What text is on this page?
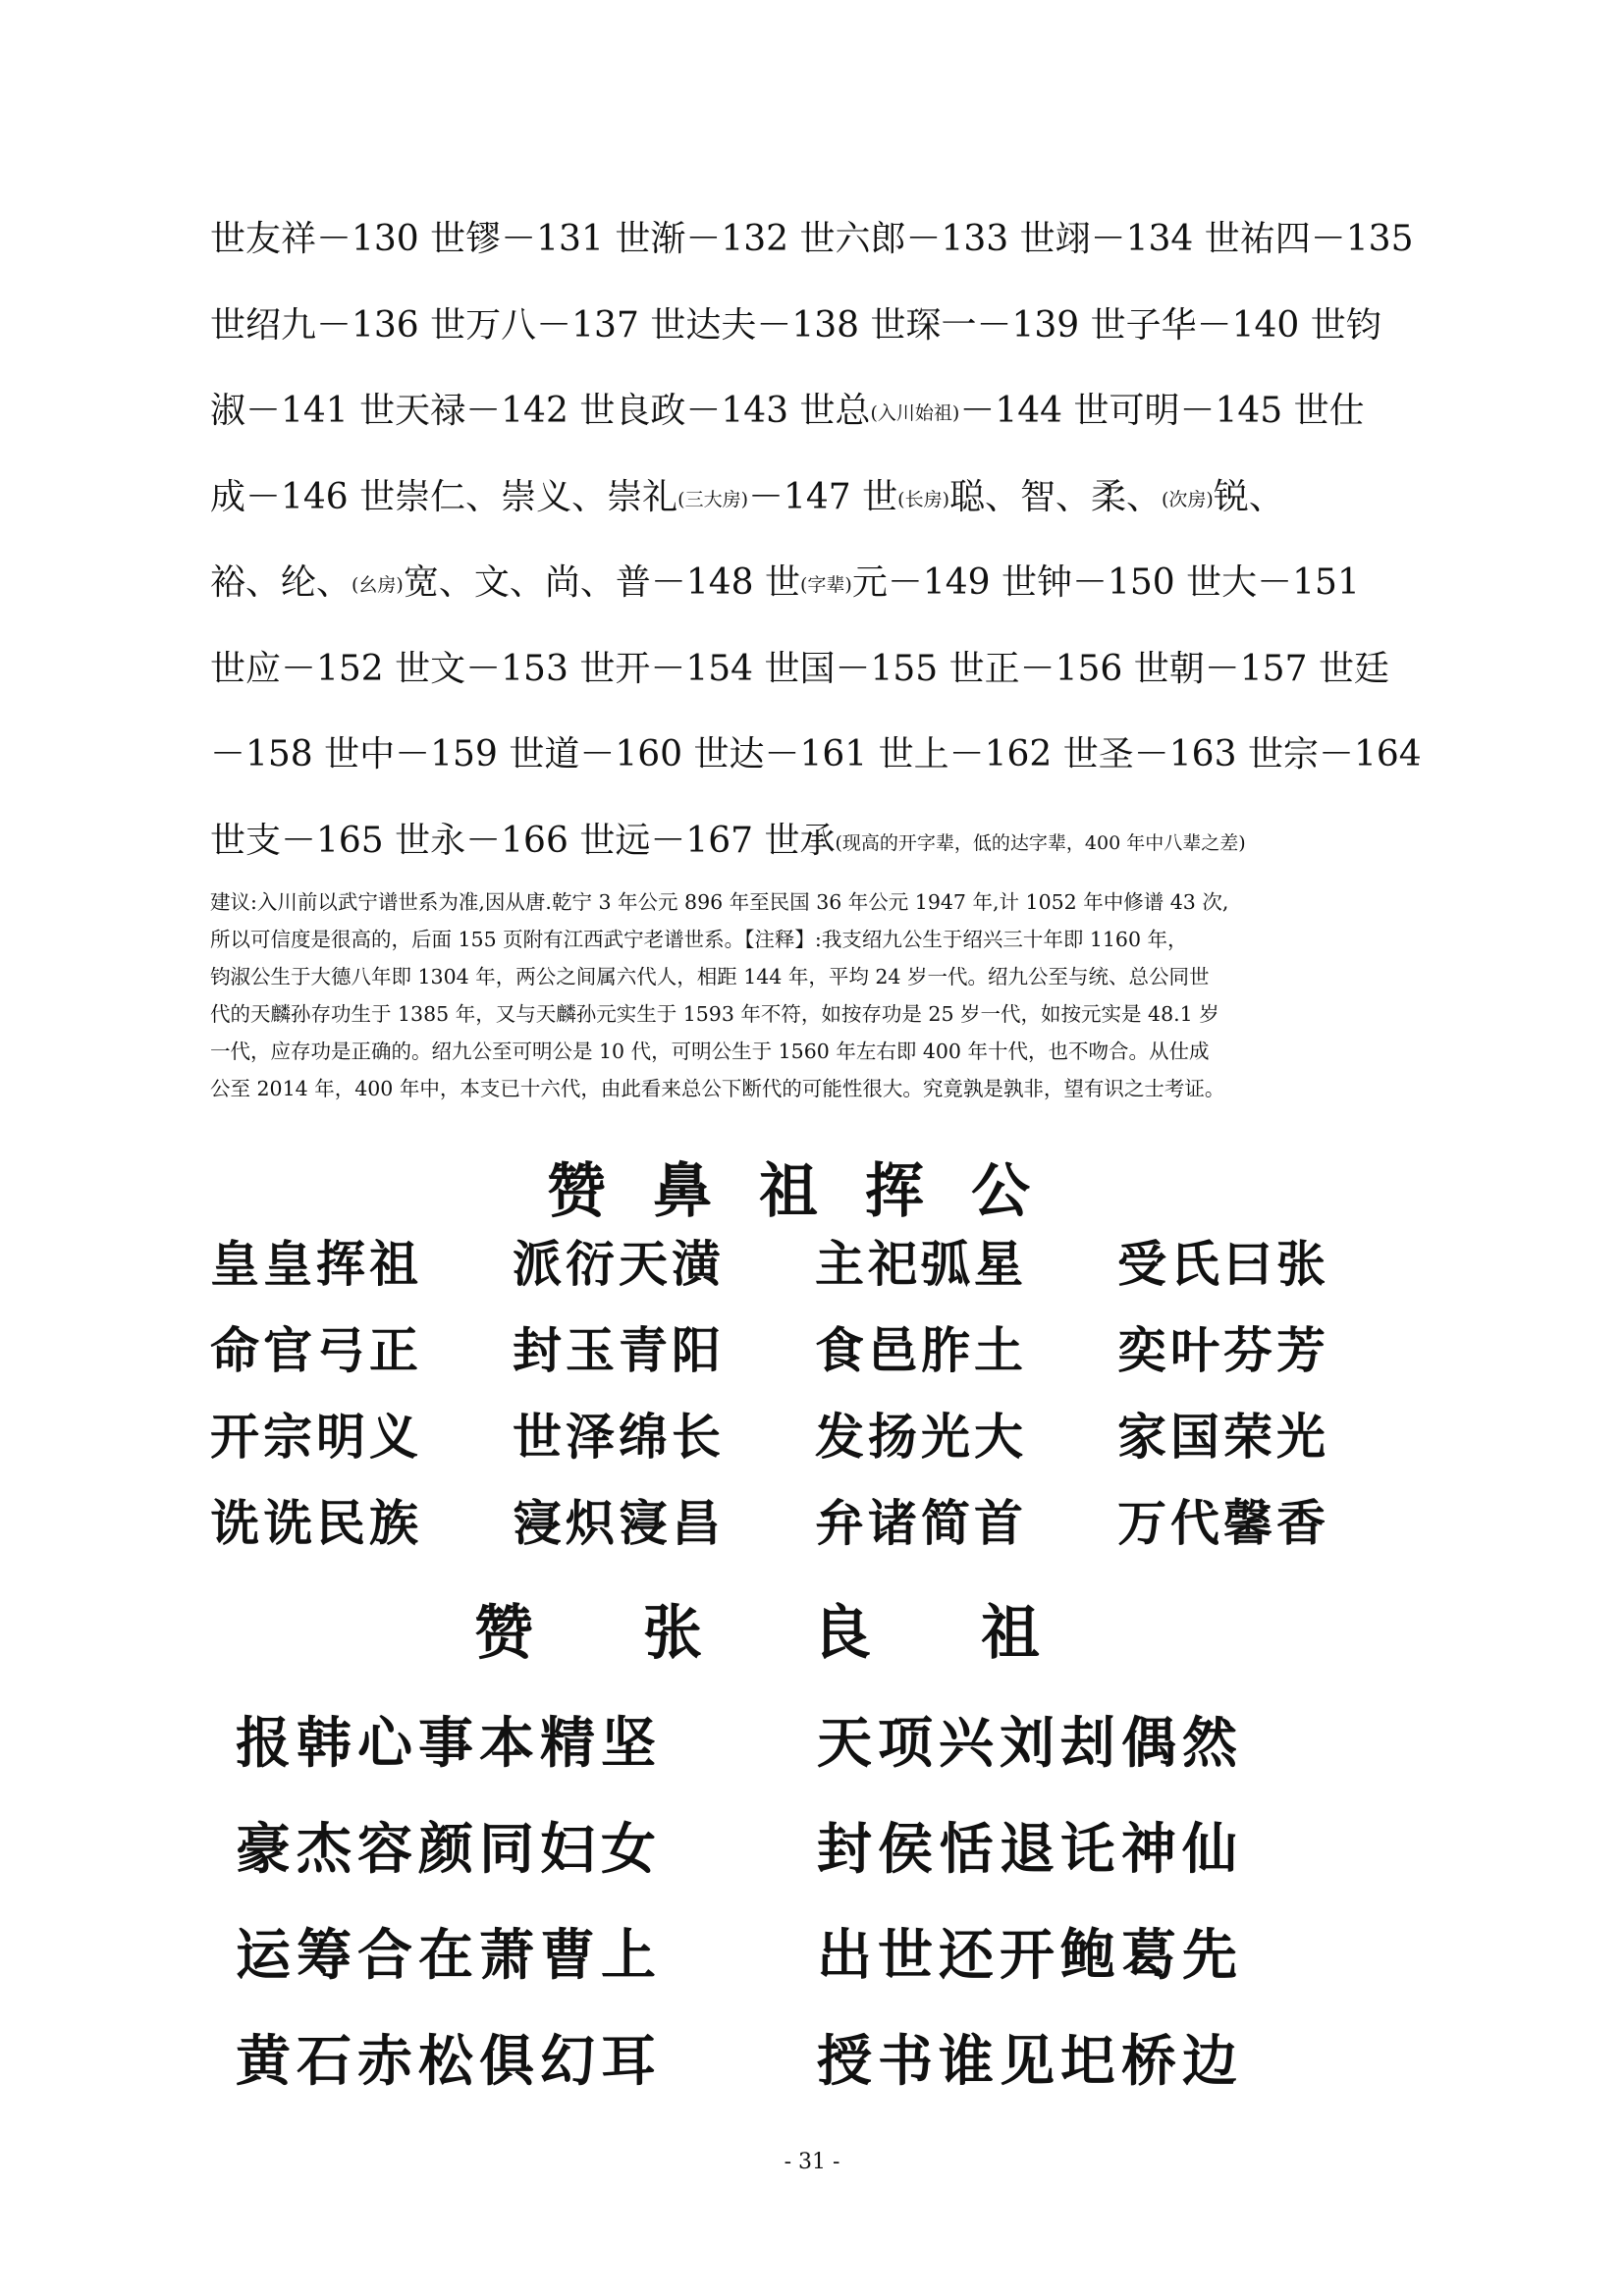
世友祥－130 世镠－131 世渐－132 世六郎－133 世翊－134 世祐四－135
世绍九－136 世万八－137 世达夫－138 世琛一－139 世子华－140 世钧
淑－141 世天禄－142 世良政－143 世总(入川始祖)－144 世可明－145 世仕
成－146 世崇仁、崇义、崇礼(三大房)－147 世(长房)聪、智、柔、(次房)锐、
裕、纶、(幺房)宽、文、尚、普－148 世(字辈)元－149 世钟－150 世大－151
世应－152 世文－153 世开－154 世国－155 世正－156 世朝－157 世廷
－158 世中－159 世道－160 世达－161 世上－162 世圣－163 世宗－164
世支－165 世永－166 世远－167 世承(现高的开字辈，低的达字辈，400 年中八辈之差)

建议:入川前以武宁谱世系为准,因从唐.乾宁 3 年公元 896 年至民国 36 年公元 1947 年,计 1052 年中修谱 43 次,

所以可信度是很高的，后面 155 页附有江西武宁老谱世系。【注释】:我支绍九公生于绍兴三十年即 1160 年，

钧淑公生于大德八年即 1304 年，两公之间属六代人，相距 144 年，平均 24 岁一代。绍九公至与统、总公同世

代的天麟孙存功生于 1385 年，又与天麟孙元实生于 1593 年不符，如按存功是 25 岁一代，如按元实是 48.1 岁

一代，应存功是正确的。绍九公至可明公是 10 代，可明公生于 1560 年左右即 400 年十代，也不吻合。从仕成

公至 2014 年，400 年中，本支已十六代，由此看来总公下断代的可能性很大。究竟孰是孰非，望有识之士考证。

赞鼻祖挥公
皇皇挥祖	派衍天潢	主祀弧星	受氏曰张
命官弓正	封玉青阳	食邑胙土	奕叶芬芳
开宗明义	世泽绵长	发扬光大	家国荣光
诜诜民族	寖炽寖昌	弁诸简首	万代馨香
赞张良祖
报韩心事本精坚	天项兴刘刦偶然
豪杰容颜同妇女	封侯恬退讬神仙
运筹合在萧曹上	出世还开鲍葛先
黄石赤松俱幻耳	授书谁见圯桥边
- 31 -
